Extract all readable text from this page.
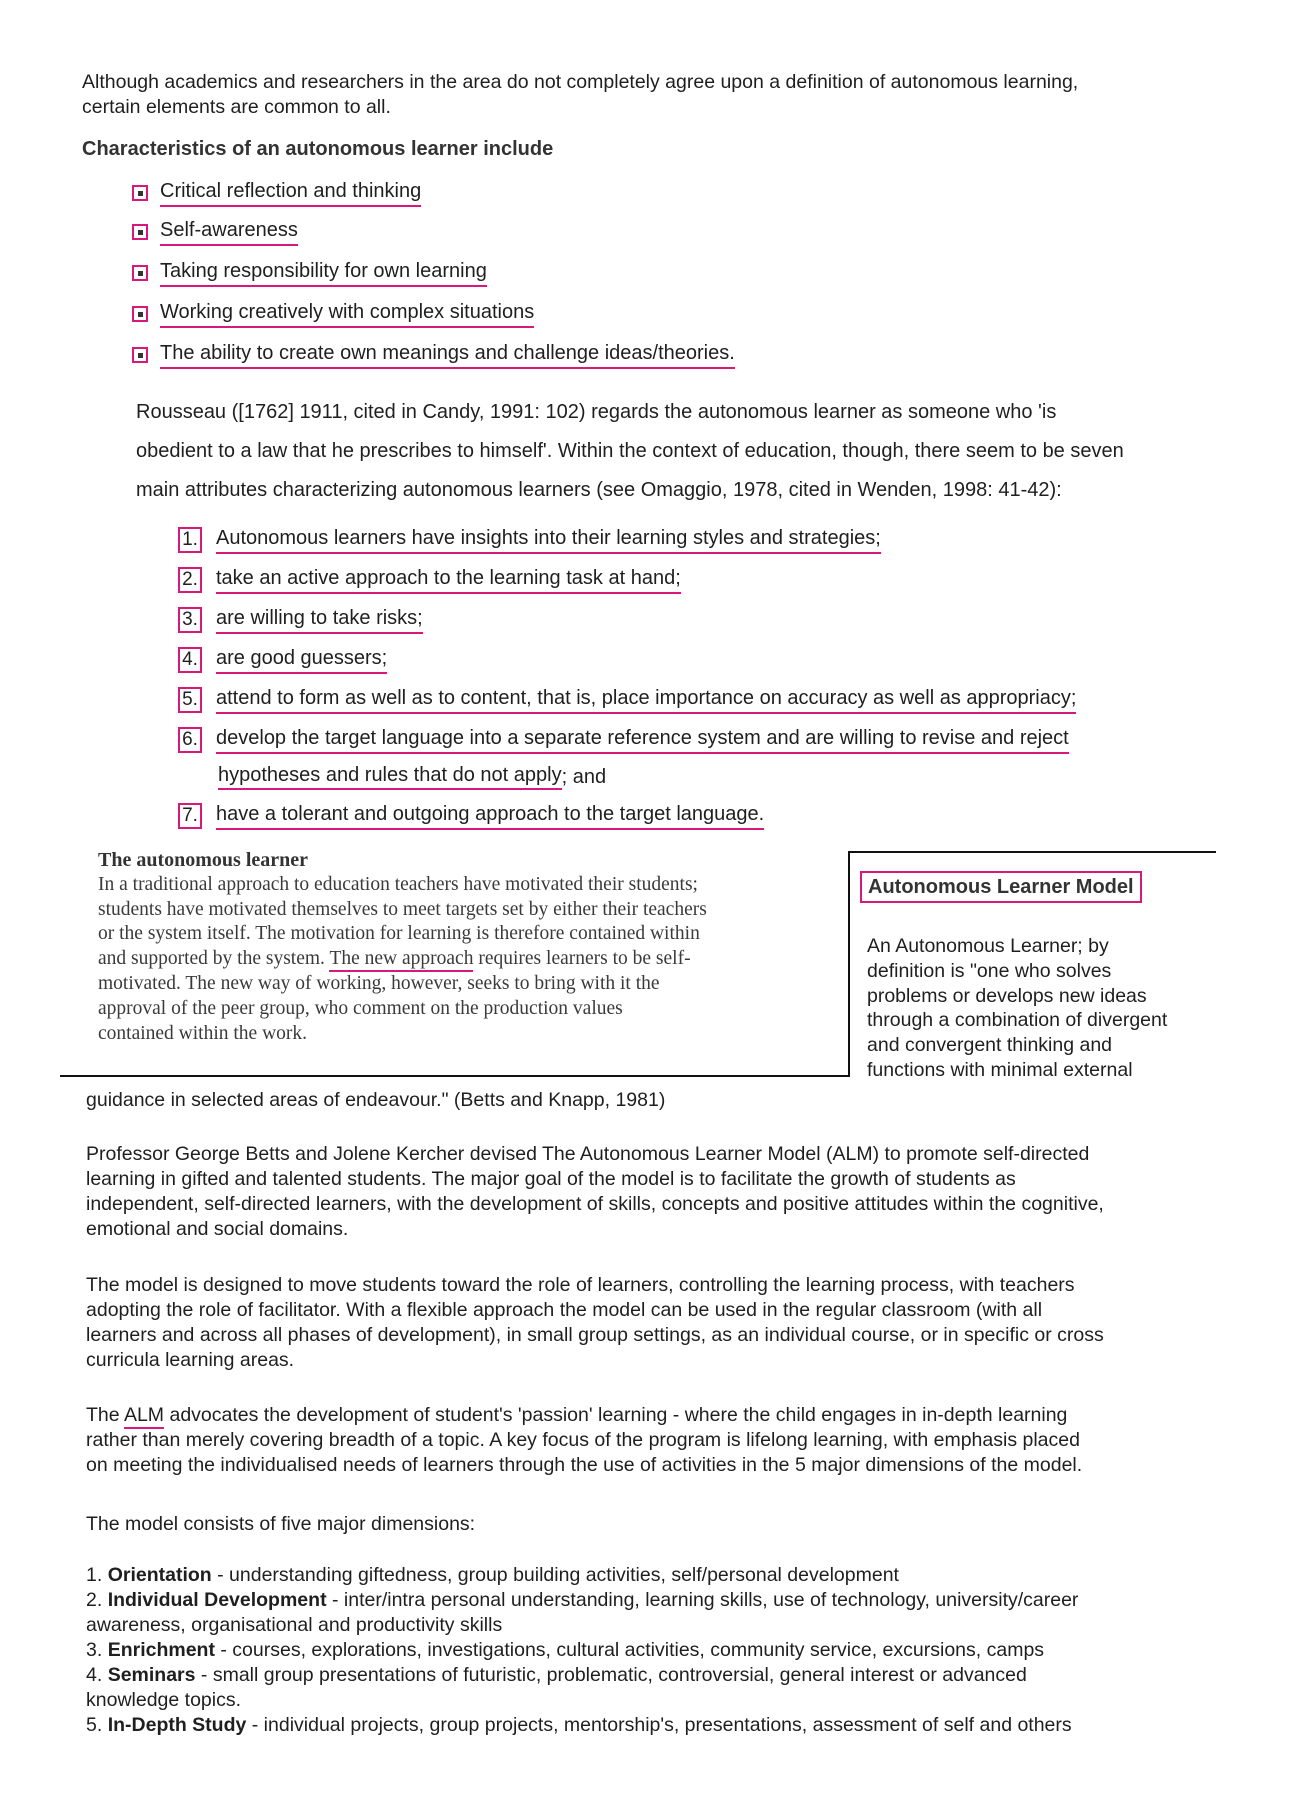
Although academics and researchers in the area do not completely agree upon a definition of autonomous learning,
certain elements are common to all.
Characteristics of an autonomous learner include
Critical reflection and thinking
Self-awareness
Taking responsibility for own learning
Working creatively with complex situations
The ability to create own meanings and challenge ideas/theories.
Rousseau ([1762] 1911, cited in Candy, 1991: 102) regards the autonomous learner as someone who 'is
obedient to a law that he prescribes to himself'. Within the context of education, though, there seem to be seven
main attributes characterizing autonomous learners (see Omaggio, 1978, cited in Wenden, 1998: 41-42):
1. Autonomous learners have insights into their learning styles and strategies;
2. take an active approach to the learning task at hand;
3. are willing to take risks;
4. are good guessers;
5. attend to form as well as to content, that is, place importance on accuracy as well as appropriacy;
6. develop the target language into a separate reference system and are willing to revise and reject
hypotheses and rules that do not apply ; and
7. have a tolerant and outgoing approach to the target language.
The autonomous learner
In a traditional approach to education teachers have motivated their students;
students have motivated themselves to meet targets set by either their teachers
or the system itself. The motivation for learning is therefore contained within
and supported by the system. The new approach requires learners to be self-
motivated. The new way of working, however, seeks to bring with it the
approval of the peer group, who comment on the production values
contained within the work.
Autonomous Learner Model
An Autonomous Learner; by
definition is "one who solves
problems or develops new ideas
through a combination of divergent
and convergent thinking and
functions with minimal external
guidance in selected areas of endeavour." (Betts and Knapp, 1981)
Professor George Betts and Jolene Kercher devised The Autonomous Learner Model (ALM) to promote self-directed
learning in gifted and talented students. The major goal of the model is to facilitate the growth of students as
independent, self-directed learners, with the development of skills, concepts and positive attitudes within the cognitive,
emotional and social domains.
The model is designed to move students toward the role of learners, controlling the learning process, with teachers
adopting the role of facilitator. With a flexible approach the model can be used in the regular classroom (with all
learners and across all phases of development), in small group settings, as an individual course, or in specific or cross
curricula learning areas.
The ALM advocates the development of student's 'passion' learning - where the child engages in in-depth learning
rather than merely covering breadth of a topic. A key focus of the program is lifelong learning, with emphasis placed
on meeting the individualised needs of learners through the use of activities in the 5 major dimensions of the model.
The model consists of five major dimensions:
1. Orientation - understanding giftedness, group building activities, self/personal development
2. Individual Development - inter/intra personal understanding, learning skills, use of technology, university/career
awareness, organisational and productivity skills
3. Enrichment - courses, explorations, investigations, cultural activities, community service, excursions, camps
4. Seminars - small group presentations of futuristic, problematic, controversial, general interest or advanced
knowledge topics.
5. In-Depth Study - individual projects, group projects, mentorship's, presentations, assessment of self and others
